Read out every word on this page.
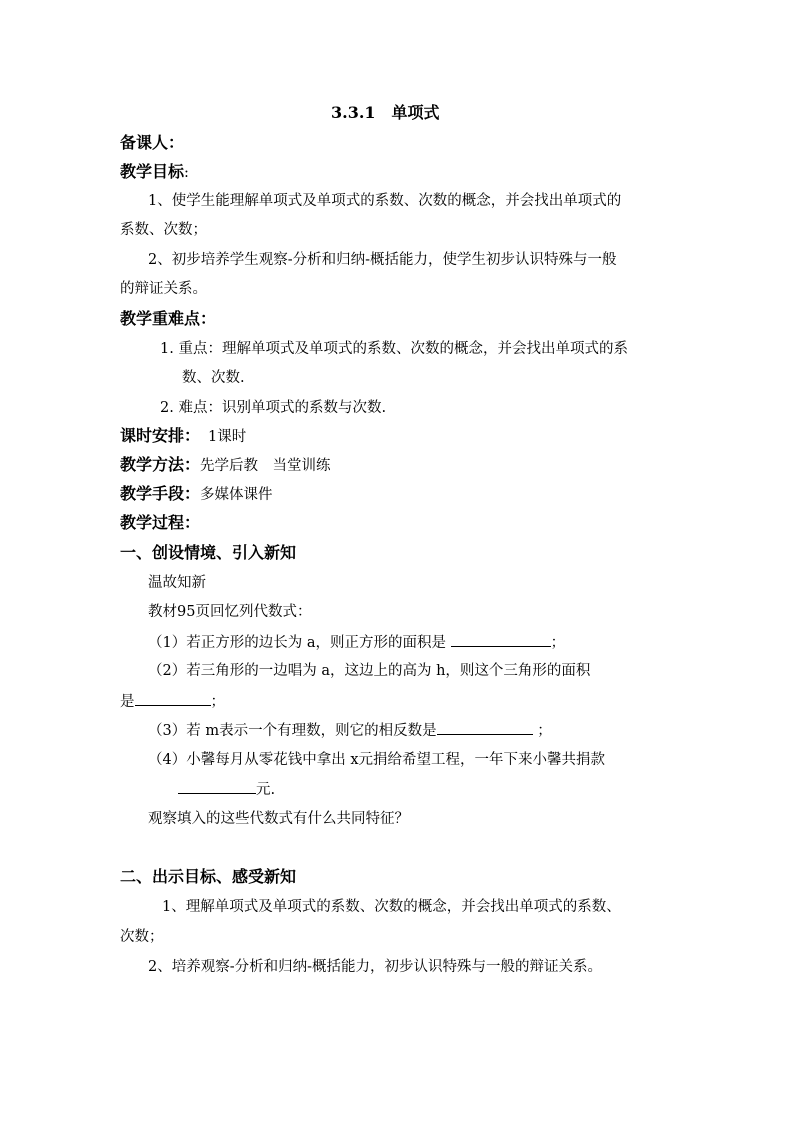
3.3.1　单项式
备课人：
教学目标:
1、使学生能理解单项式及单项式的系数、次数的概念，并会找出单项式的
系数、次数；
2、初步培养学生观察-分析和归纳-概括能力，使学生初步认识特殊与一般
的辩证关系。
教学重难点：
1. 重点：理解单项式及单项式的系数、次数的概念，并会找出单项式的系
数、次数.
2. 难点：识别单项式的系数与次数.
课时安排： 1课时
教学方法：先学后教　当堂训练
教学手段：多媒体课件
教学过程：
一、创设情境、引入新知
温故知新
教材95页回忆列代数式：
（1）若正方形的边长为 a，则正方形的面积是	；
（2）若三角形的一边唱为 a，这边上的高为 h，则这个三角形的面积
是	；
（3）若 m表示一个有理数，则它的相反数是	；
（4）小馨每月从零花钱中拿出 x元捐给希望工程，一年下来小馨共捐款
元.
观察填入的这些代数式有什么共同特征？
二、出示目标、感受新知
1、理解单项式及单项式的系数、次数的概念，并会找出单项式的系数、
次数；
2、培养观察-分析和归纳-概括能力，初步认识特殊与一般的辩证关系。
